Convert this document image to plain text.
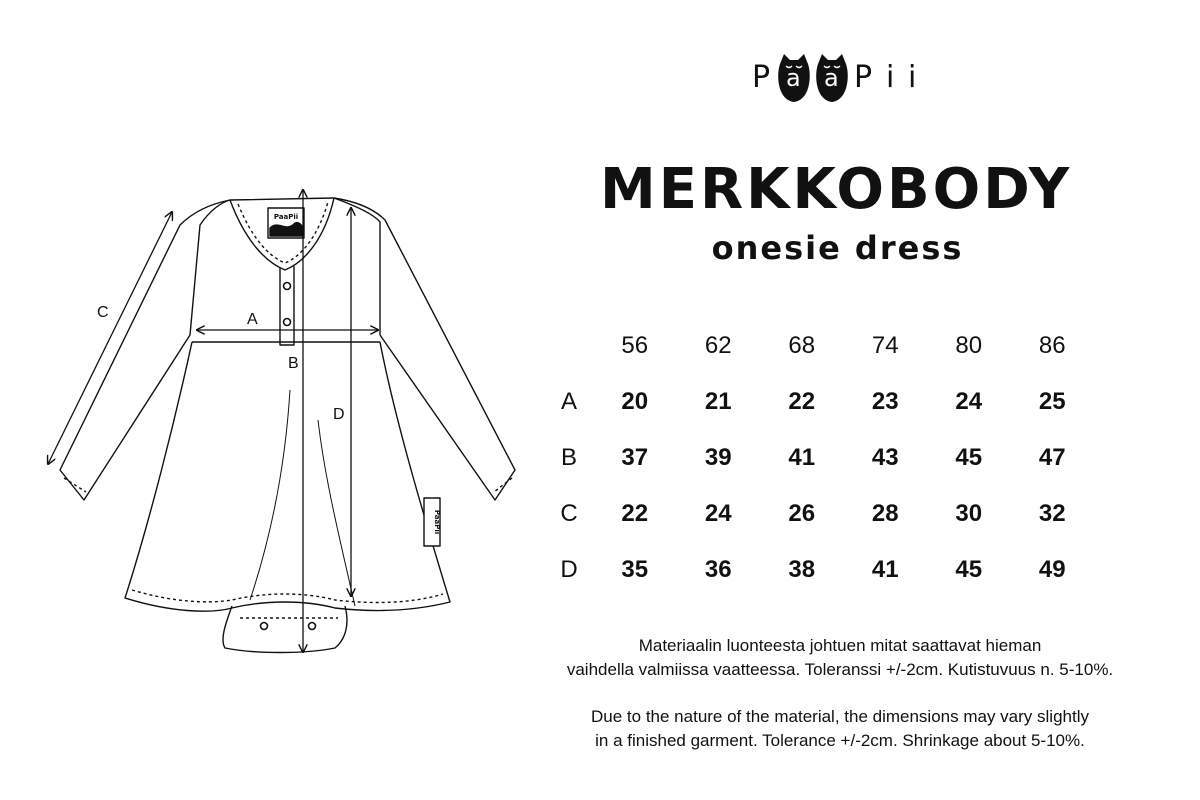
PaaPii
PaaPii
A
B
C
D
P a a P i i
MERKKOBODY
onesie dress
	56	62	68	74	80	86
A	20	21	22	23	24	25
B	37	39	41	43	45	47
C	22	24	26	28	30	32
D	35	36	38	41	45	49
Materiaalin luonteesta johtuen mitat saattavat hieman
vaihdella valmiissa vaatteessa. Toleranssi +/-2cm. Kutistuvuus n. 5-10%.
Due to the nature of the material, the dimensions may vary slightly
in a finished garment. Tolerance +/-2cm. Shrinkage about 5-10%.
